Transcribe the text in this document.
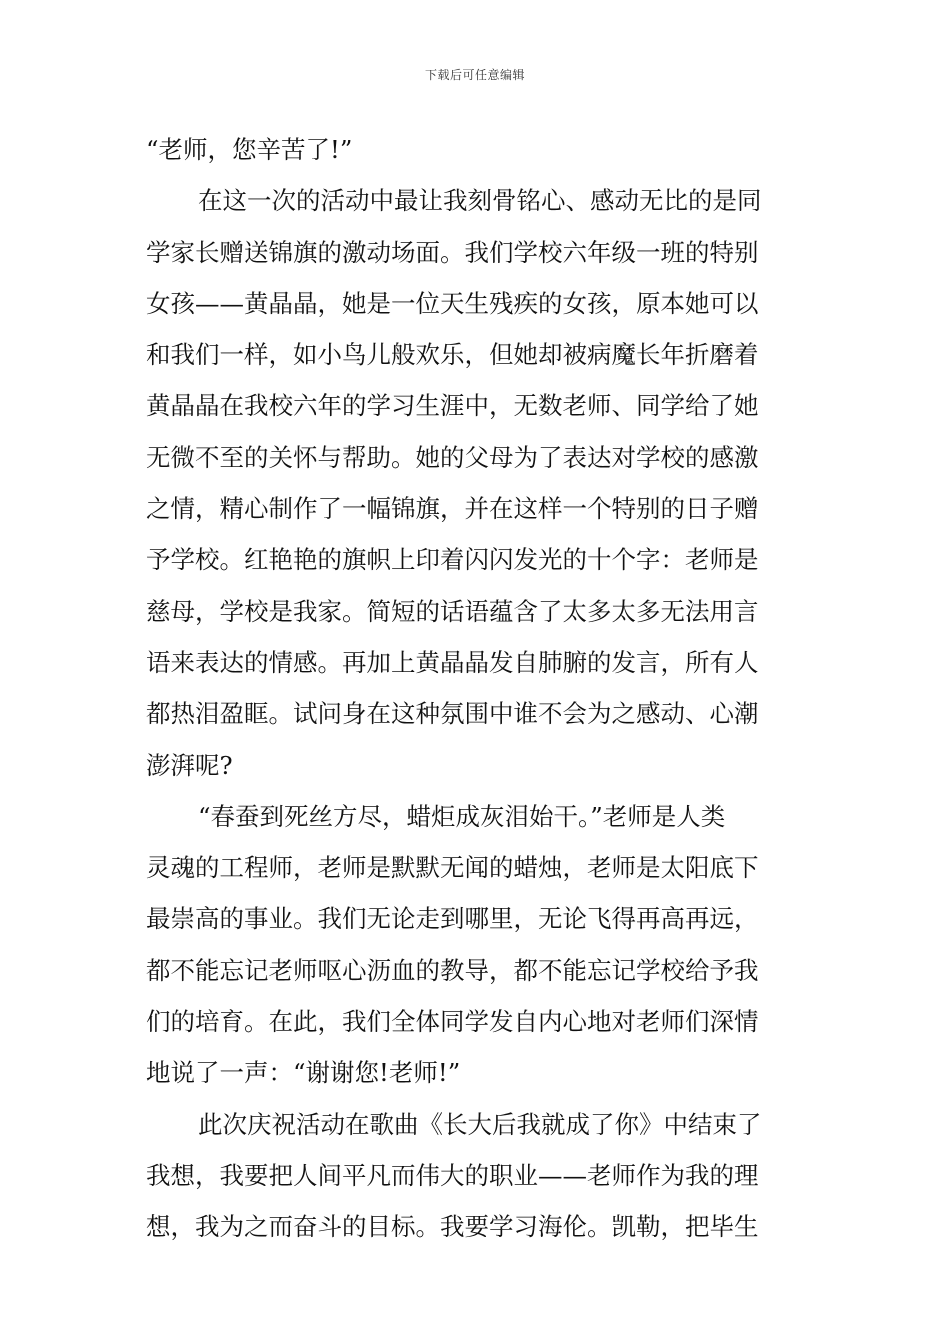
下载后可任意编辑
“老师，您辛苦了!”
在这一次的活动中最让我刻骨铭心、感动无比的是同
学家长赠送锦旗的激动场面。我们学校六年级一班的特别
女孩——黄晶晶，她是一位天生残疾的女孩，原本她可以
和我们一样，如小鸟儿般欢乐，但她却被病魔长年折磨着
黄晶晶在我校六年的学习生涯中，无数老师、同学给了她
无微不至的关怀与帮助。她的父母为了表达对学校的感激
之情，精心制作了一幅锦旗，并在这样一个特别的日子赠
予学校。红艳艳的旗帜上印着闪闪发光的十个字：老师是
慈母，学校是我家。简短的话语蕴含了太多太多无法用言
语来表达的情感。再加上黄晶晶发自肺腑的发言，所有人
都热泪盈眶。试问身在这种氛围中谁不会为之感动、心潮
澎湃呢?
“春蚕到死丝方尽，蜡炬成灰泪始干。”老师是人类
灵魂的工程师，老师是默默无闻的蜡烛，老师是太阳底下
最崇高的事业。我们无论走到哪里，无论飞得再高再远，
都不能忘记老师呕心沥血的教导，都不能忘记学校给予我
们的培育。在此，我们全体同学发自内心地对老师们深情
地说了一声：“谢谢您!老师!”
此次庆祝活动在歌曲《长大后我就成了你》中结束了
我想，我要把人间平凡而伟大的职业——老师作为我的理
想，我为之而奋斗的目标。我要学习海伦。凯勒，把毕生
